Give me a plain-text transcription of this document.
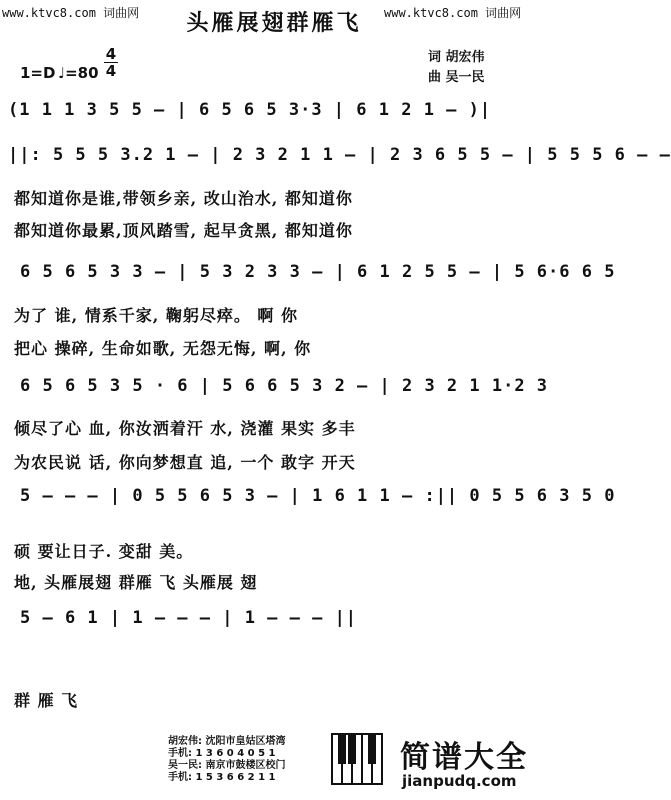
www.ktvc8.com 词曲网	www.ktvc8.com 词曲网
头雁展翅群雁飞
词 胡宏伟
曲 吴一民
1=D ♩=80
4
4
(1 1 1 3 5 5 — | 6 5 6 5 3·3 | 6 1 2 1 — )|
||: 5 5 5 3.2 1 — | 2 3 2 1 1 — | 2 3 6 5 5 — | 5 5 5 6 — —
都知道你是谁,带领乡亲, 改山治水, 都知道你
都知道你最累,顶风踏雪, 起早贪黑, 都知道你
6 5 6 5 3 3 — | 5 3 2 3 3 — | 6 1 2 5 5 — | 5 6·6 6 5
为了 谁, 情系千家, 鞠躬尽瘁。 啊 你
把心 操碎, 生命如歌, 无怨无悔, 啊, 你
6 5 6 5 3 5 · 6 | 5 6 6 5 3 2 — | 2 3 2 1 1·2 3
倾尽了心 血, 你汝洒着汗 水, 浇灌 果实 多丰
为农民说 话, 你向梦想直 追, 一个 敢字 开天
5 — — — | 0 5 5 6 5 3 — | 1 6 1 1 — :|| 0 5 5 6 3 5 0
硕 要让日子. 变甜 美。
地, 头雁展翅 群雁 飞 头雁展 翅
5 — 6 1 | 1 — — — | 1 — — — ||
群 雁 飞
胡宏伟: 沈阳市皇姑区塔湾
手机: 1 3 6 0 4 0 5 1
吴一民: 南京市鼓楼区校门
手机: 1 5 3 6 6 2 1 1
简谱大全
jianpudq.com
